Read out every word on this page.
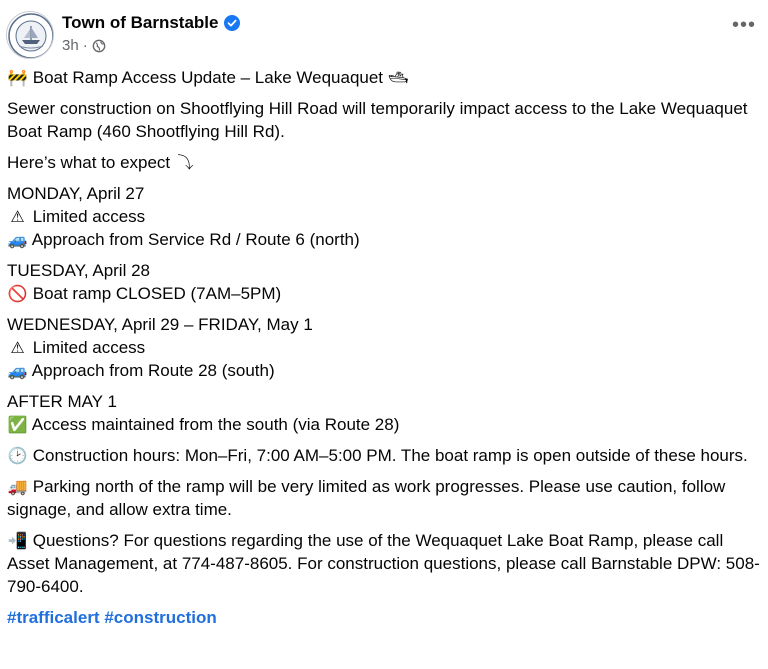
Town of Barnstable
3h ·
•••

🚧 Boat Ramp Access Update – Lake Wequaquet 🛥

Sewer construction on Shootflying Hill Road will temporarily impact access to the Lake Wequaquet Boat Ramp (460 Shootflying Hill Rd).

Here’s what to expect ⤵

MONDAY, April 27
⚠ Limited access
🚙 Approach from Service Rd / Route 6 (north)

TUESDAY, April 28
🚫 Boat ramp CLOSED (7AM–5PM)

WEDNESDAY, April 29 – FRIDAY, May 1
⚠ Limited access
🚙 Approach from Route 28 (south)

AFTER MAY 1
✅ Access maintained from the south (via Route 28)

🕑 Construction hours: Mon–Fri, 7:00 AM–5:00 PM. The boat ramp is open outside of these hours.

🚚 Parking north of the ramp will be very limited as work progresses. Please use caution, follow signage, and allow extra time.

📲 Questions? For questions regarding the use of the Wequaquet Lake Boat Ramp, please call Asset Management, at 774-487-8605. For construction questions, please call Barnstable DPW: 508-790-6400.

#trafficalert #construction
